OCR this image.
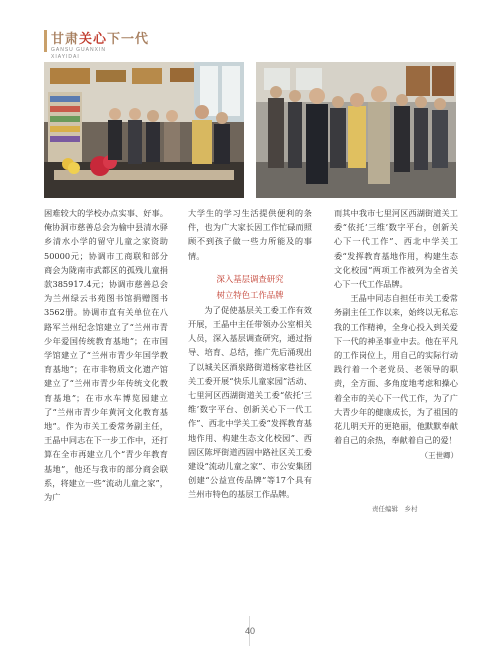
甘肃关心下一代
GANSU GUANXIN
XIAYIDAI

困难较大的学校办点实事、好事。俺协洞市慈善总会为榆中县清水驿乡清水小学的留守儿童之家资助50000元；协调市工商联和部分商会为陇南市武都区的孤残儿童捐款385917.4元；协调市慈善总会为兰州绿云书苑图书馆捐赠图书3562册。协调市直有关单位在八路军兰州纪念馆建立了“兰州市青少年爱国传统教育基地”；在市国学馆建立了“兰州市青少年国学教育基地”；在市非物质文化遗产馆建立了“兰州市青少年传统文化教育基地”；在市水车博览园建立了“兰州市青少年黄河文化教育基地”。作为市关工委常务副主任，王晶中同志在下一步工作中，还打算在全市再建立几个“青少年教育基地”，他还与我市的部分商会联系，将建立一些“流动儿童之家”，为广

大学生的学习生活提供便利的条件，也为广大家长因工作忙碌而照顾不到孩子做一些力所能及的事情。

深入基层调查研究

树立特色工作品牌

为了促使基层关工委工作有效开展，王晶中主任带领办公室相关人员，深入基层调查研究，通过指导、培育、总结，推广先后涌现出了以城关区酒泉路街道杨家巷社区关工委开展“快乐儿童家园”活动、七里河区西湖街道关工委“依托‘三维’数字平台、创新关心下一代工作”、西北中学关工委“发挥教育基地作用、构建生态文化校园”、西固区陈坪街道西固中路社区关工委建设“流动儿童之家”、市公安集团创建“公益宣传品牌”等17个具有兰州市特色的基层工作品牌。

而其中我市七里河区西湖街道关工委“依托‘三维’数字平台，创新关心下一代工作”、西北中学关工委“发挥教育基地作用，构建生态文化校园”两项工作被列为全省关心下一代工作品牌。

王晶中同志自担任市关工委常务副主任工作以来，始终以无私忘我的工作精神，全身心投入到关爱下一代的神圣事业中去。他在平凡的工作岗位上，用自己的实际行动践行着一个老党员、老领导的职责，全方面、多角度地考虑和操心着全市的关心下一代工作，为了广大青少年的健康成长，为了祖国的花儿明天开的更艳丽，他默默奉献着自己的余热，奉献着自己的爱！

（王世卿）

责任编辑　乡村
40
